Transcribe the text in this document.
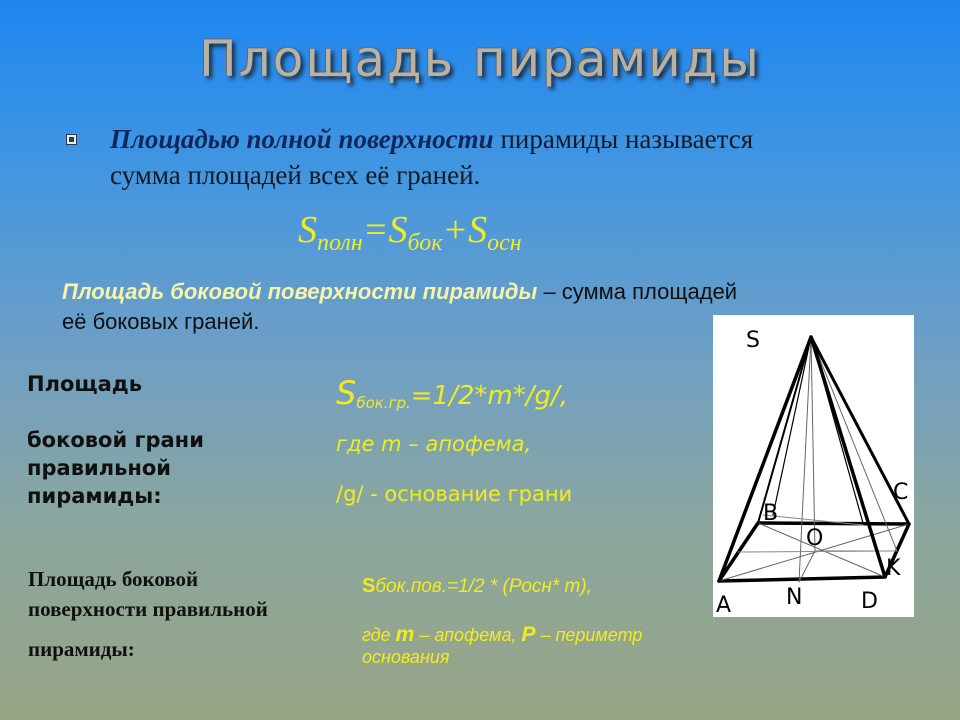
Площадь пирамиды
Площадью полной поверхности пирамиды называется
сумма площадей всех её граней.
$S_{полн}=S_{бок}+S_{осн}$
Площадь боковой поверхности пирамиды – сумма площадей
её боковых граней.
Площадь
боковой грани
правильной
пирамиды:
$S_{бок.гр.}=1/2*m*/g/$,
где m – апофема,
/g/ - основание грани
Площадь боковой
поверхности правильной
пирамиды:
Sбок.пов.=1/2 * (Росн* m),
где m – апофема, P – периметр
основания
S
A
B
C
D
K
N
O
